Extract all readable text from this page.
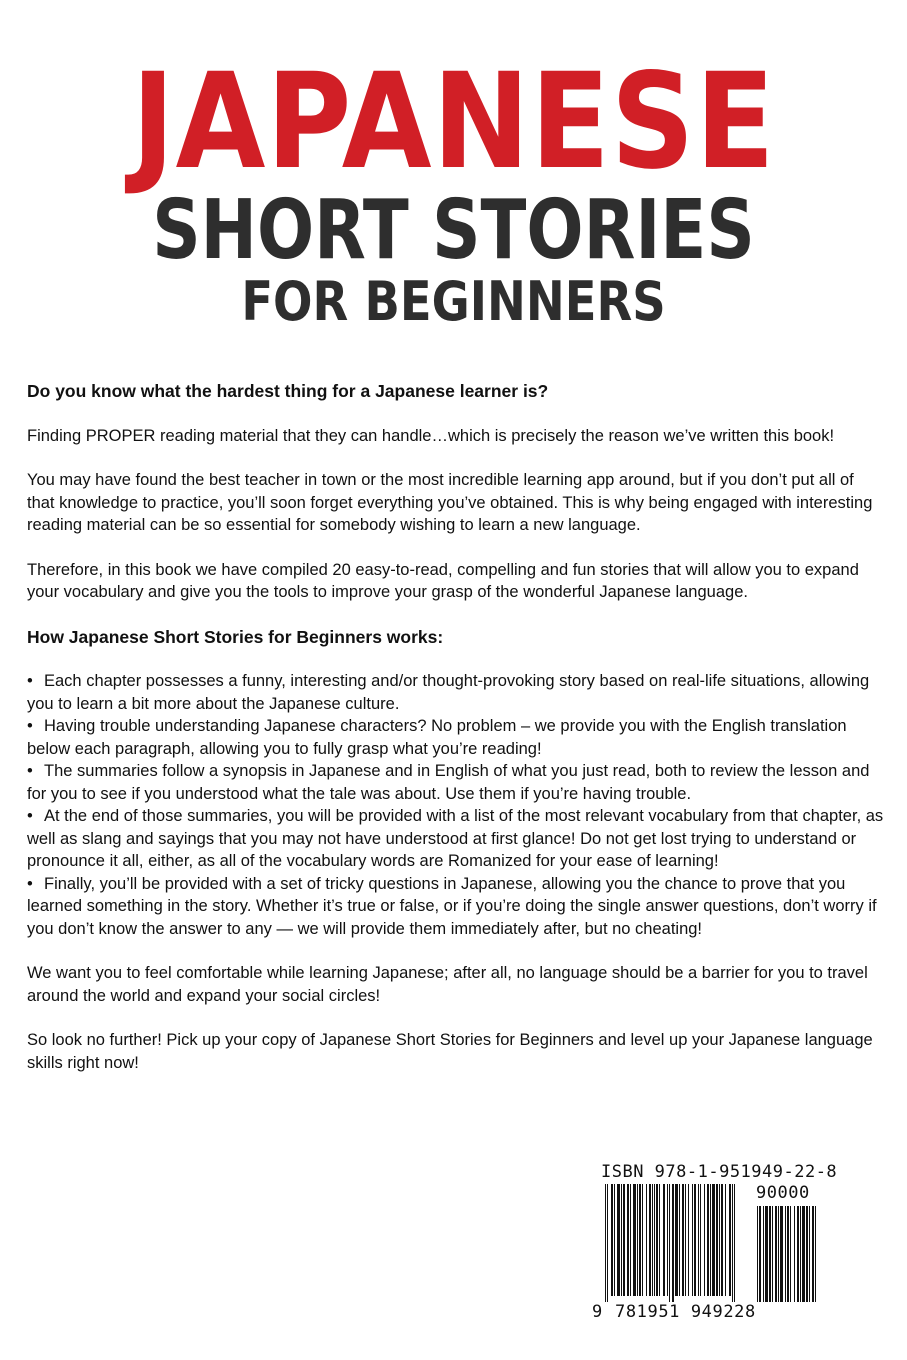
JAPANESE
SHORT STORIES
FOR BEGINNERS

Do you know what the hardest thing for a Japanese learner is?

Finding PROPER reading material that they can handle…which is precisely the reason we’ve written this book!

You may have found the best teacher in town or the most incredible learning app around, but if you don’t put all of that knowledge to practice, you’ll soon forget everything you’ve obtained. This is why being engaged with interesting reading material can be so essential for somebody wishing to learn a new language.

Therefore, in this book we have compiled 20 easy-to-read, compelling and fun stories that will allow you to expand your vocabulary and give you the tools to improve your grasp of the wonderful Japanese language.

How Japanese Short Stories for Beginners works:

• Each chapter possesses a funny, interesting and/or thought-provoking story based on real-life situations, allowing you to learn a bit more about the Japanese culture.
• Having trouble understanding Japanese characters? No problem – we provide you with the English translation below each paragraph, allowing you to fully grasp what you’re reading!
• The summaries follow a synopsis in Japanese and in English of what you just read, both to review the lesson and for you to see if you understood what the tale was about. Use them if you’re having trouble.
• At the end of those summaries, you will be provided with a list of the most relevant vocabulary from that chapter, as well as slang and sayings that you may not have understood at first glance! Do not get lost trying to understand or pronounce it all, either, as all of the vocabulary words are Romanized for your ease of learning!
• Finally, you’ll be provided with a set of tricky questions in Japanese, allowing you the chance to prove that you learned something in the story. Whether it’s true or false, or if you’re doing the single answer questions, don’t worry if you don’t know the answer to any — we will provide them immediately after, but no cheating!

We want you to feel comfortable while learning Japanese; after all, no language should be a barrier for you to travel around the world and expand your social circles!

So look no further! Pick up your copy of Japanese Short Stories for Beginners and level up your Japanese language skills right now!

ISBN 978-1-951949-22-8
90000
9 781951 949228
